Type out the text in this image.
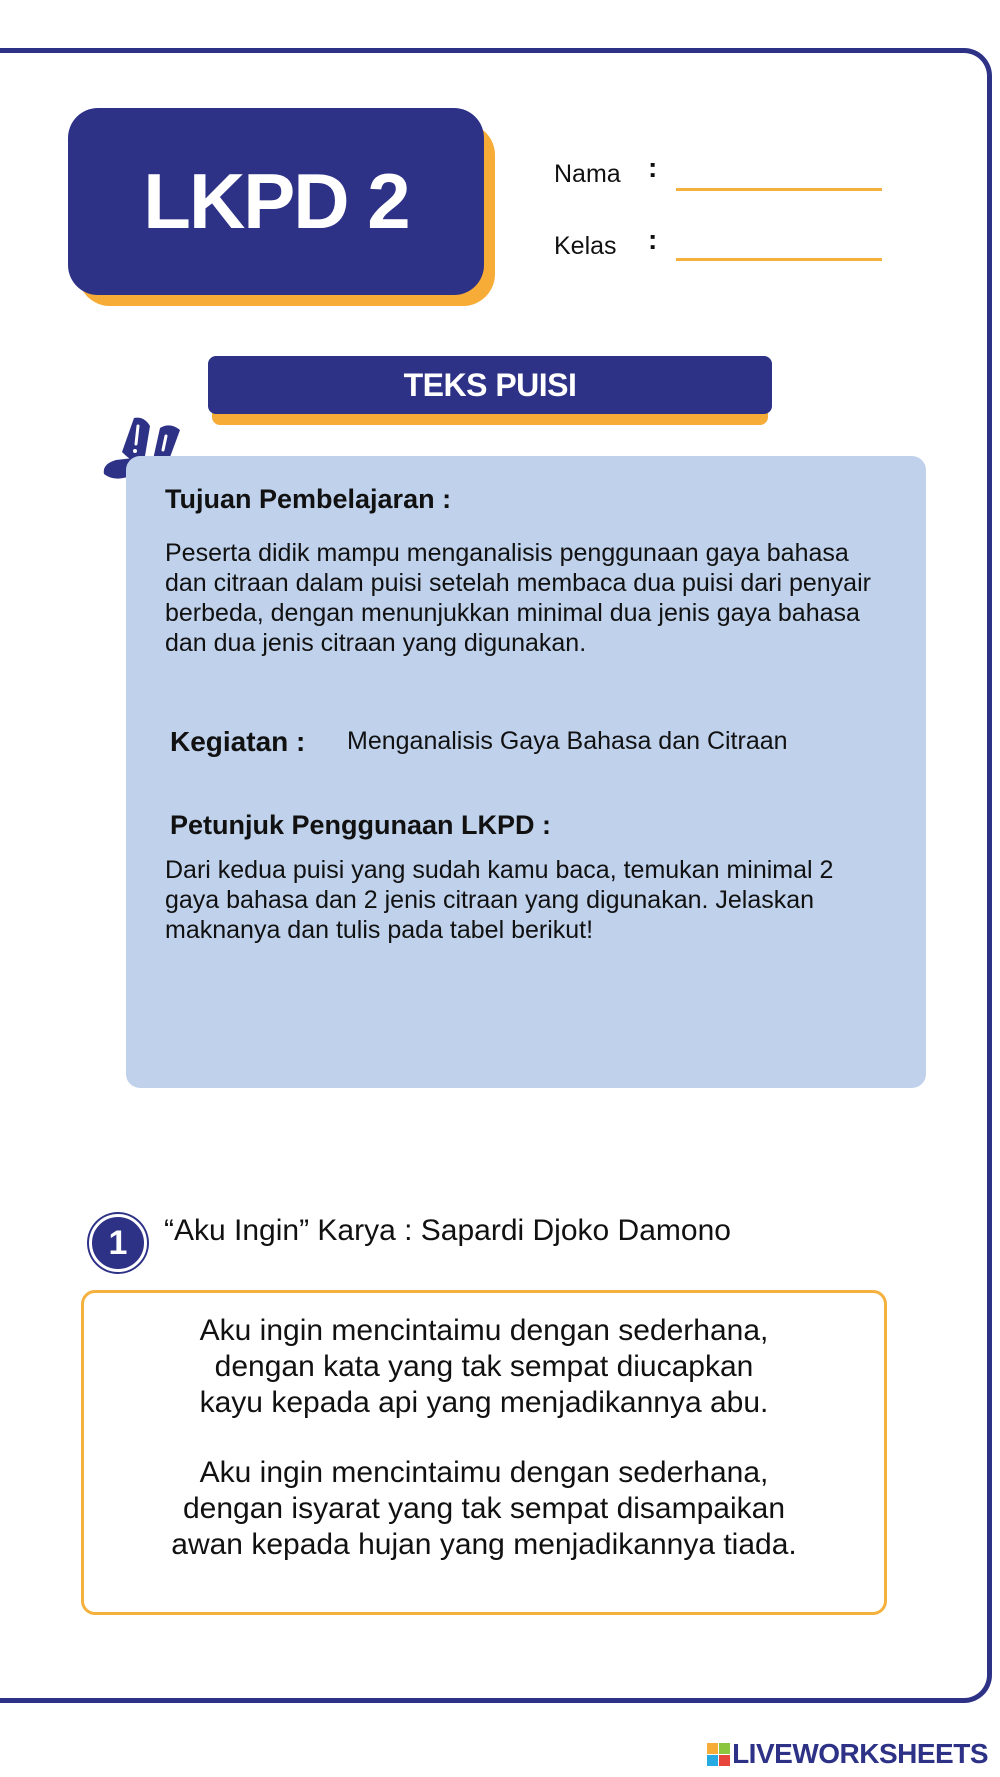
LKPD 2	Nama :
Kelas :
TEKS PUISI
Tujuan Pembelajaran :
Peserta didik mampu menganalisis penggunaan gaya bahasa dan citraan dalam puisi setelah membaca dua puisi dari penyair berbeda, dengan menunjukkan minimal dua jenis gaya bahasa dan dua jenis citraan yang digunakan.
Kegiatan : Menganalisis Gaya Bahasa dan Citraan
Petunjuk Penggunaan LKPD :
Dari kedua puisi yang sudah kamu baca, temukan minimal 2 gaya bahasa dan 2 jenis citraan yang digunakan. Jelaskan maknanya dan tulis pada tabel berikut!
1 “Aku Ingin” Karya : Sapardi Djoko Damono
Aku ingin mencintaimu dengan sederhana,
dengan kata yang tak sempat diucapkan
kayu kepada api yang menjadikannya abu.
Aku ingin mencintaimu dengan sederhana,
dengan isyarat yang tak sempat disampaikan
awan kepada hujan yang menjadikannya tiada.
LIVEWORKSHEETS
